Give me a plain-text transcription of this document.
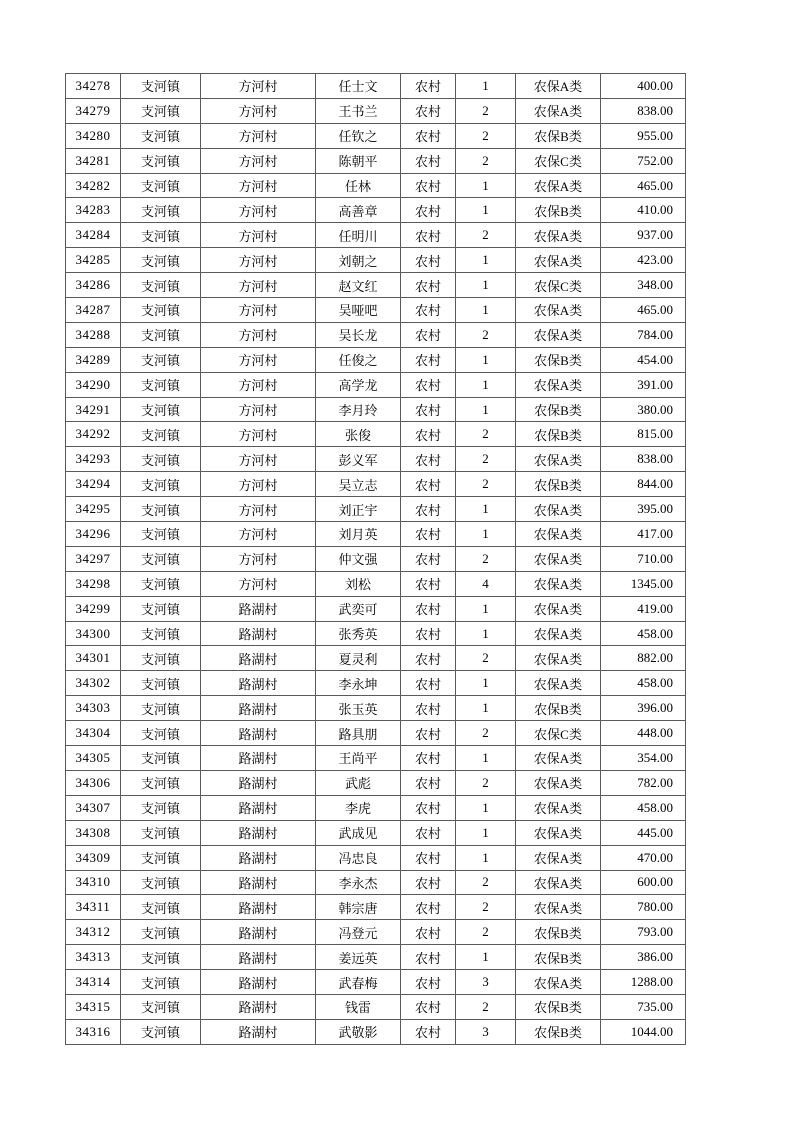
34278	支河镇	方河村	任士文	农村	1	农保A类	400.00
34279	支河镇	方河村	王书兰	农村	2	农保A类	838.00
34280	支河镇	方河村	任钦之	农村	2	农保B类	955.00
34281	支河镇	方河村	陈朝平	农村	2	农保C类	752.00
34282	支河镇	方河村	任林	农村	1	农保A类	465.00
34283	支河镇	方河村	高善章	农村	1	农保B类	410.00
34284	支河镇	方河村	任明川	农村	2	农保A类	937.00
34285	支河镇	方河村	刘朝之	农村	1	农保A类	423.00
34286	支河镇	方河村	赵文红	农村	1	农保C类	348.00
34287	支河镇	方河村	吴哑吧	农村	1	农保A类	465.00
34288	支河镇	方河村	吴长龙	农村	2	农保A类	784.00
34289	支河镇	方河村	任俊之	农村	1	农保B类	454.00
34290	支河镇	方河村	高学龙	农村	1	农保A类	391.00
34291	支河镇	方河村	李月玲	农村	1	农保B类	380.00
34292	支河镇	方河村	张俊	农村	2	农保B类	815.00
34293	支河镇	方河村	彭义军	农村	2	农保A类	838.00
34294	支河镇	方河村	吴立志	农村	2	农保B类	844.00
34295	支河镇	方河村	刘正宇	农村	1	农保A类	395.00
34296	支河镇	方河村	刘月英	农村	1	农保A类	417.00
34297	支河镇	方河村	仲文强	农村	2	农保A类	710.00
34298	支河镇	方河村	刘松	农村	4	农保A类	1345.00
34299	支河镇	路湖村	武奕可	农村	1	农保A类	419.00
34300	支河镇	路湖村	张秀英	农村	1	农保A类	458.00
34301	支河镇	路湖村	夏灵利	农村	2	农保A类	882.00
34302	支河镇	路湖村	李永坤	农村	1	农保A类	458.00
34303	支河镇	路湖村	张玉英	农村	1	农保B类	396.00
34304	支河镇	路湖村	路具朋	农村	2	农保C类	448.00
34305	支河镇	路湖村	王尚平	农村	1	农保A类	354.00
34306	支河镇	路湖村	武彪	农村	2	农保A类	782.00
34307	支河镇	路湖村	李虎	农村	1	农保A类	458.00
34308	支河镇	路湖村	武成见	农村	1	农保A类	445.00
34309	支河镇	路湖村	冯忠良	农村	1	农保A类	470.00
34310	支河镇	路湖村	李永杰	农村	2	农保A类	600.00
34311	支河镇	路湖村	韩宗唐	农村	2	农保A类	780.00
34312	支河镇	路湖村	冯登元	农村	2	农保B类	793.00
34313	支河镇	路湖村	姜远英	农村	1	农保B类	386.00
34314	支河镇	路湖村	武春梅	农村	3	农保A类	1288.00
34315	支河镇	路湖村	钱雷	农村	2	农保B类	735.00
34316	支河镇	路湖村	武敬影	农村	3	农保B类	1044.00
